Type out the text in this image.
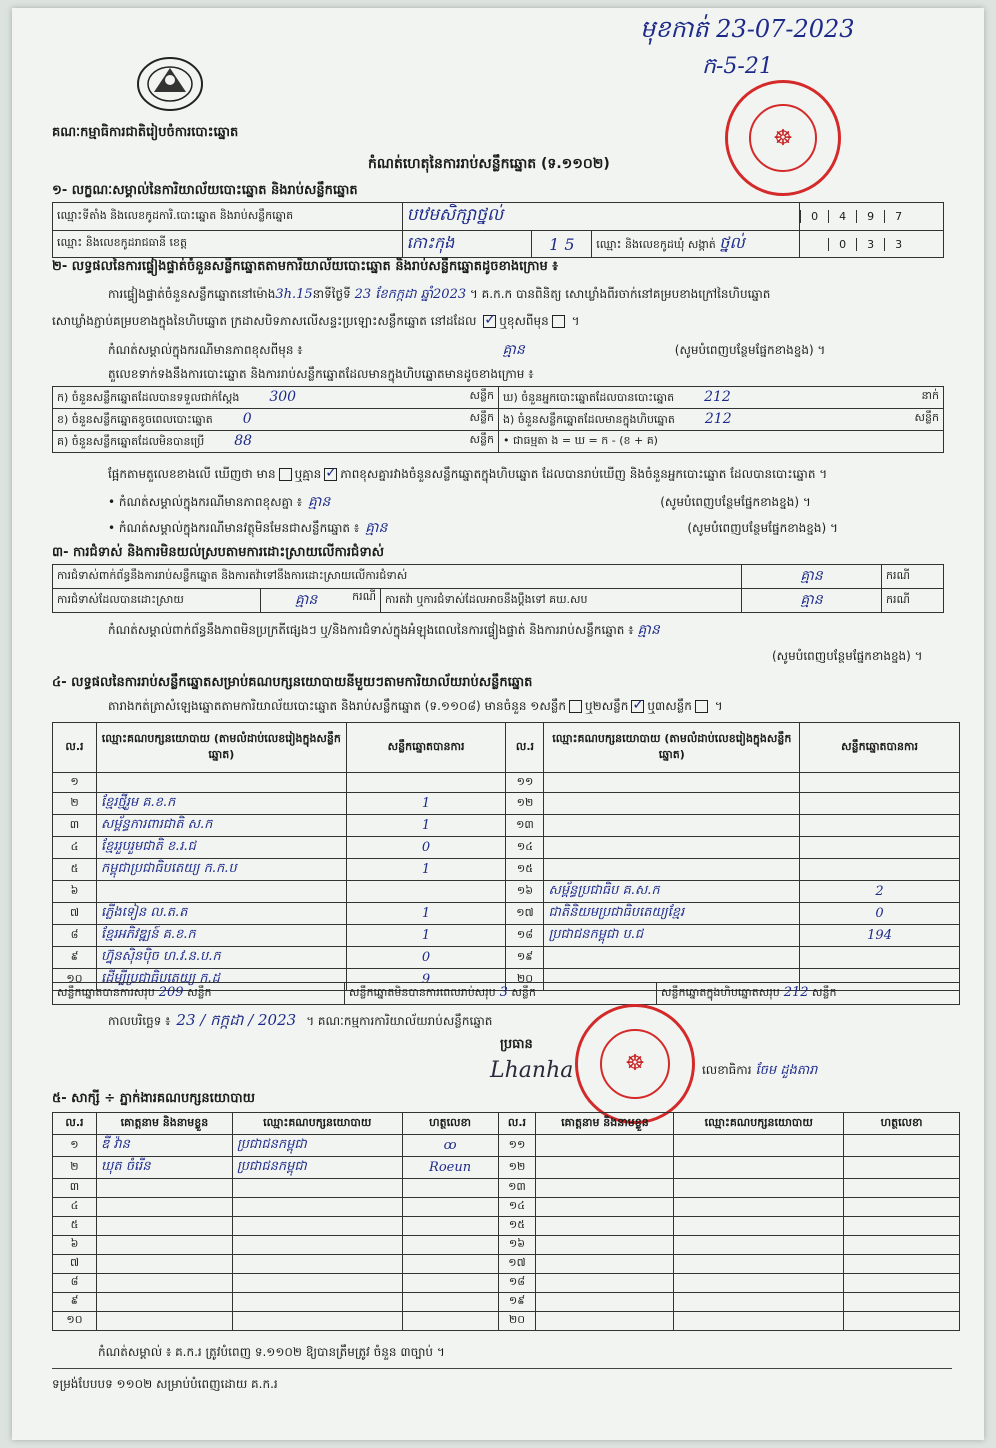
មុខកាត់ 23-07-2023
ក-5-21
គណៈកម្មាធិការជាតិរៀបចំការបោះឆ្នោត	☸
កំណត់ហេតុនៃការរាប់សន្លឹកឆ្នោត (ទ.១១០២)
១- លក្ខណៈសម្គាល់នៃការិយាល័យបោះឆ្នោត និងរាប់សន្លឹកឆ្នោត
ឈ្មោះទីតាំង និងលេខកូដការិ.បោះឆ្នោត និងរាប់សន្លឹកឆ្នោត	បឋមសិក្សាថ្នល់			0 4 9 7
ឈ្មោះ និងលេខកូដរាជធានី ខេត្ត	កោះកុង	1 5	ឈ្មោះ និងលេខកូដឃុំ សង្កាត់ ថ្នល់	0 3 3
២- លទ្ធផលនៃការផ្ទៀងផ្ទាត់ចំនួនសន្លឹកឆ្នោតតាមការិយាល័យបោះឆ្នោត និងរាប់សន្លឹកឆ្នោតដូចខាងក្រោម ៖
ការផ្ទៀងផ្ទាត់ចំនួនសន្លឹកឆ្នោតនៅម៉ោង3h.15នាទីថ្ងៃទី 23 ខែកក្កដា ឆ្នាំ2023 ។ គ.ក.ក បានពិនិត្យ សោឃ្លាំងពីរចាក់នៅគម្របខាងក្រៅនៃហិបឆ្នោត
សោឃ្លាំងភ្ជាប់គម្របខាងក្នុងនៃហិបឆ្នោត ក្រដាសបិទភាសលើសន្ទះប្រឡោះសន្លឹកឆ្នោត នៅដដែល ✓ ឬខុសពីមុន ។
កំណត់សម្គាល់ក្នុងករណីមានភាពខុសពីមុន ៖	គ្មាន	(សូមបំពេញបន្ថែមផ្នែកខាងខ្នង) ។
តួលេខទាក់ទងនឹងការបោះឆ្នោត និងការរាប់សន្លឹកឆ្នោតដែលមានក្នុងហិបឆ្នោតមានដូចខាងក្រោម ៖
ក) ចំនួនសន្លឹកឆ្នោតដែលបានទទួលជាក់ស្តែង 300 សន្លឹក	ឃ) ចំនួនអ្នកបោះឆ្នោតដែលបានបោះឆ្នោត 212 នាក់

ខ) ចំនួនសន្លឹកឆ្នោតខូចពេលបោះឆ្នោត 0 សន្លឹក	ង) ចំនួនសន្លឹកឆ្នោតដែលមានក្នុងហិបឆ្នោត 212 សន្លឹក

គ) ចំនួនសន្លឹកឆ្នោតដែលមិនបានប្រើ 88 សន្លឹក	• ជាធម្មតា ង = ឃ = ក - (ខ + គ)
ផ្អែកតាមតួលេខខាងលើ ឃើញថា មាន ឬគ្មាន ✓ ភាពខុសគ្នារវាងចំនួនសន្លឹកឆ្នោតក្នុងហិបឆ្នោត ដែលបានរាប់ឃើញ និងចំនួនអ្នកបោះឆ្នោត ដែលបានបោះឆ្នោត ។
• កំណត់សម្គាល់ក្នុងករណីមានភាពខុសគ្នា ៖ គ្មាន	(សូមបំពេញបន្ថែមផ្នែកខាងខ្នង) ។
• កំណត់សម្គាល់ក្នុងករណីមានវត្ថុមិនមែនជាសន្លឹកឆ្នោត ៖ គ្មាន	(សូមបំពេញបន្ថែមផ្នែកខាងខ្នង) ។
៣- ការជំទាស់ និងការមិនយល់ស្របតាមការដោះស្រាយលើការជំទាស់
ការជំទាស់ពាក់ព័ន្ធនឹងការរាប់សន្លឹកឆ្នោត និងការតវ៉ាទៅនឹងការដោះស្រាយលើការជំទាស់			គ្មាន	ករណី
ការជំទាស់ដែលបានដោះស្រាយ	គ្មាន ករណី	ការតវ៉ា ឬការជំទាស់ដែលអាចនឹងប្តឹងទៅ គឃ.សប	គ្មាន	ករណី
កំណត់សម្គាល់ពាក់ព័ន្ធនឹងភាពមិនប្រក្រតីផ្សេងៗ ឬ/និងការជំទាស់ក្នុងអំឡុងពេលនៃការផ្ទៀងផ្ទាត់ និងការរាប់សន្លឹកឆ្នោត ៖ គ្មាន
(សូមបំពេញបន្ថែមផ្នែកខាងខ្នង) ។
៤- លទ្ធផលនៃការរាប់សន្លឹកឆ្នោតសម្រាប់គណបក្សនយោបាយនីមួយៗតាមការិយាល័យរាប់សន្លឹកឆ្នោត
តារាងកត់ត្រាសំឡេងឆ្នោតតាមការិយាល័យបោះឆ្នោត និងរាប់សន្លឹកឆ្នោត (ទ.១១០៨) មានចំនួន ១សន្លឹក ឬ២សន្លឹក ✓ ឬ៣សន្លឹក ។
ល.រ	ឈ្មោះគណបក្សនយោបាយ (តាមលំដាប់លេខរៀងក្នុងសន្លឹកឆ្នោត)	សន្លឹកឆ្នោតបានការ	ល.រ	ឈ្មោះគណបក្សនយោបាយ (តាមលំដាប់លេខរៀងក្នុងសន្លឹកឆ្នោត)	សន្លឹកឆ្នោតបានការ
១			១១		
២	ខ្មែរថ្មីរួម គ.ខ.ក	1	១២		
៣	សម្ព័ន្ធការពារជាតិ ស.ក	1	១៣		
៤	ខ្មែររួបរួមជាតិ ខ.រ.ជ	0	១៤		
៥	កម្ពុជាប្រជាធិបតេយ្យ ក.ក.ប	1	១៥		
៦			១៦	សម្ព័ន្ធប្រជាធិប គ.ស.ក	2
៧	ភ្លើងទៀន ល.ត.ត	1	១៧	ជាតិនិយមប្រជាធិបតេយ្យខ្មែរ	0
៨	ខ្មែរអភិវឌ្ឍន៍ គ.ខ.ក	1	១៨	ប្រជាជនកម្ពុជា ប.ជ	194
៩	ហ្វ៊ុនស៊ិនប៉ិច ហ.វ.ន.ប.ក	0	១៩		
១០	ដើម្បីប្រជាធិបតេយ្យ ក.ដ	9	២០		
សន្លឹកឆ្នោតបានការសរុប 209 សន្លឹក	សន្លឹកឆ្នោតមិនបានការពេលរាប់សរុប 3 សន្លឹក	សន្លឹកឆ្នោតក្នុងហិបឆ្នោតសរុប 212 សន្លឹក
កាលបរិច្ឆេទ ៖ 23 / កក្កដា / 2023 ។ គណៈកម្មការការិយាល័យរាប់សន្លឹកឆ្នោត
ប្រធាន
Lhanha	លេខាធិការ ចែម ដួងតារា
☸
៥- សាក្សី ÷ ភ្នាក់ងារគណបក្សនយោបាយ
ល.រ	គោត្តនាម និងនាមខ្លួន	ឈ្មោះគណបក្សនយោបាយ	ហត្ថលេខា	ល.រ	គោត្តនាម និងនាមខ្លួន	ឈ្មោះគណបក្សនយោបាយ	ហត្ថលេខា
១	ឌី វ៉ាន	ប្រជាជនកម្ពុជា	ꝏ	១១			
២	ឃុត ចំរើន	ប្រជាជនកម្ពុជា	Roeun	១២			
៣				១៣			
៤				១៤			
៥				១៥			
៦				១៦			
៧				១៧			
៨				១៨			
៩				១៩			
១០				២០			
កំណត់សម្គាល់ ៖ គ.ក.រ ត្រូវបំពេញ ទ.១១០២ ឱ្យបានត្រឹមត្រូវ ចំនួន ៣ច្បាប់ ។
ទម្រង់បែបបទ ១១០២ សម្រាប់បំពេញដោយ គ.ក.រ
